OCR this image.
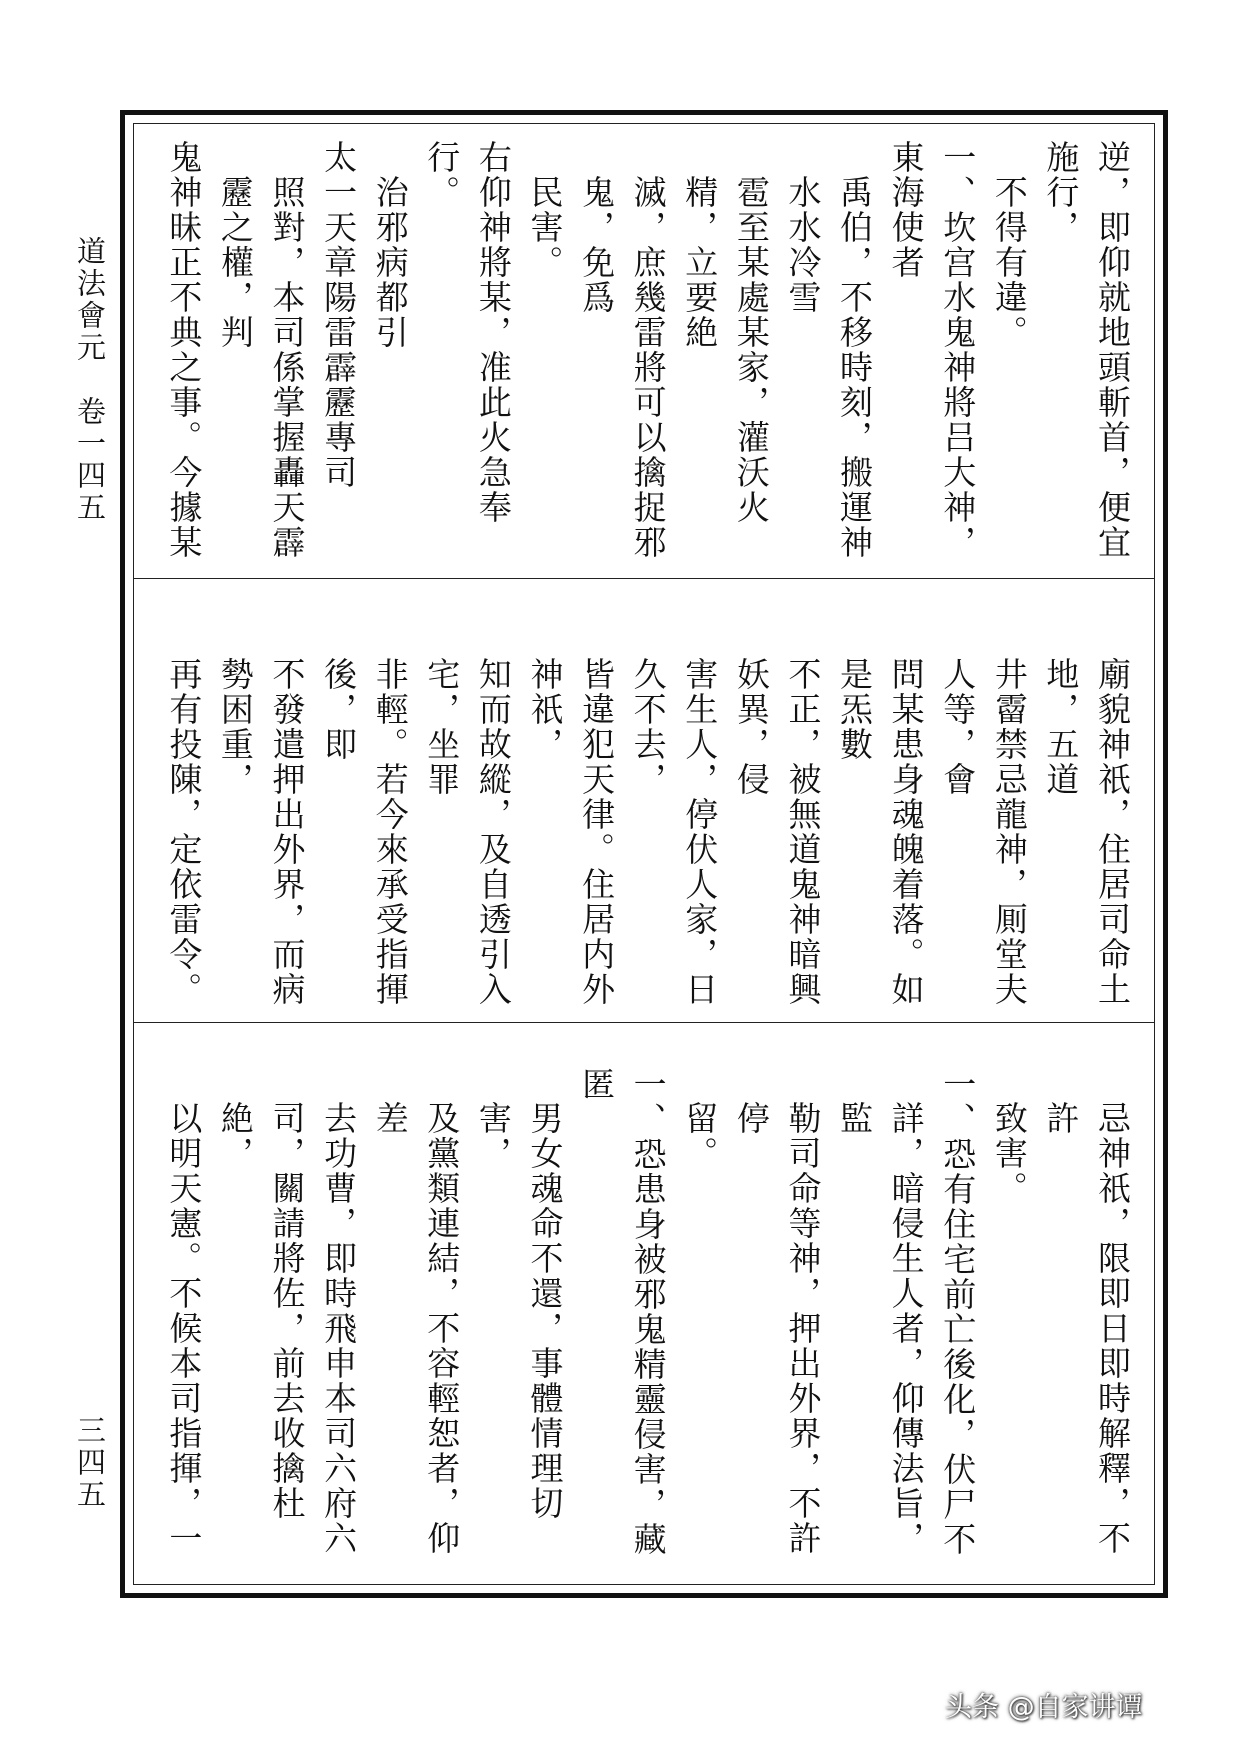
道法會元　卷一四五
三四五

逆，即仰就地頭斬首，便宜施行，

不得有違。

一、坎宫水鬼神將吕大神，東海使者

禹伯，不移時刻，搬運神水水冷雪

雹至某處某家，灌沃火精，立要絶

滅，庶幾雷將可以擒捉邪鬼，免爲

民害。

右仰神將某，准此火急奉行。

治邪病都引

太一天章陽雷霹靂專司

照對，本司係掌握轟天霹靂之權，判

鬼神昧正不典之事。今據某

廟貌神祇，住居司命土地，五道

井霤禁忌龍神，厠堂夫人等，會

問某患身魂魄着落。如是炁數

不正，被無道鬼神暗興妖異，侵

害生人，停伏人家，日久不去，

皆違犯天律。住居内外神祇，

知而故縱，及自透引入宅，坐罪

非輕。若今來承受指揮後，即

不發遣押出外界，而病勢困重，

再有投陳，定依雷令。

忌神祇，限即日即時解釋，不許

致害。

一、恐有住宅前亡後化，伏尸不

詳，暗侵生人者，仰傳法旨，監

勒司命等神，押出外界，不許停

留。

一、恐患身被邪鬼精靈侵害，藏匿

男女魂命不還，事體情理切害，

及黨類連結，不容輕恕者，仰差

去功曹，即時飛申本司六府六

司，關請將佐，前去收擒杜絶，

以明天憲。不候本司指揮，一

头条 @自家讲谭
